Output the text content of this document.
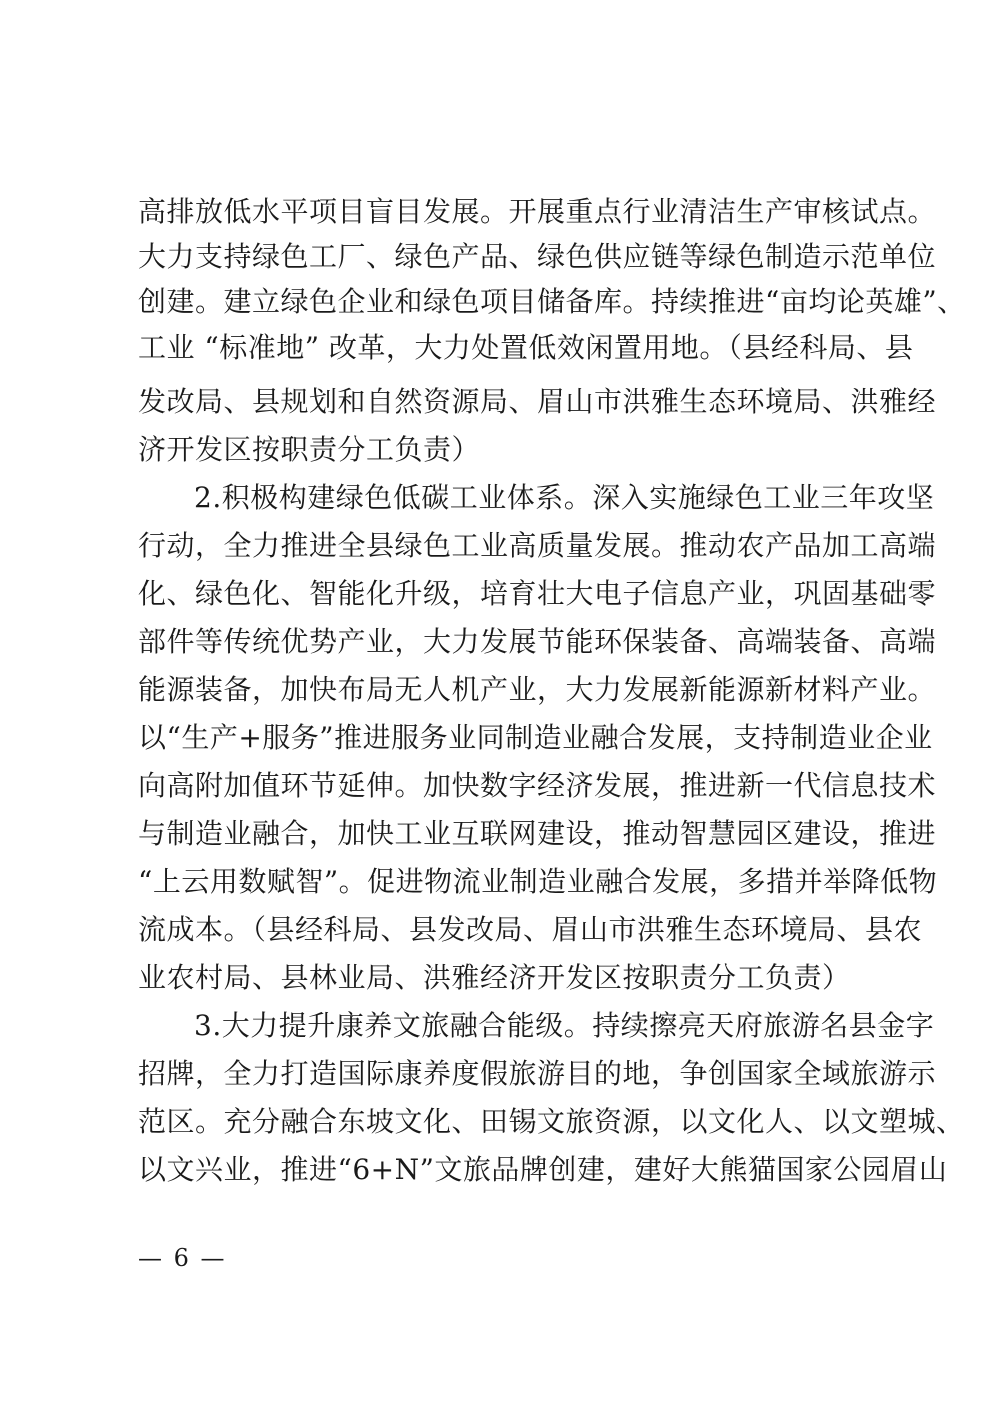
高排放低水平项目盲目发展。开展重点行业清洁生产审核试点。
大力支持绿色工厂、绿色产品、绿色供应链等绿色制造示范单位
创建。建立绿色企业和绿色项目储备库。持续推进“亩均论英雄”、
工业 “标准地” 改革，大力处置低效闲置用地。（县经科局、县
发改局、县规划和自然资源局、眉山市洪雅生态环境局、洪雅经
济开发区按职责分工负责）
2.积极构建绿色低碳工业体系。深入实施绿色工业三年攻坚
行动，全力推进全县绿色工业高质量发展。推动农产品加工高端
化、绿色化、智能化升级，培育壮大电子信息产业，巩固基础零
部件等传统优势产业，大力发展节能环保装备、高端装备、高端
能源装备，加快布局无人机产业，大力发展新能源新材料产业。
以“生产+服务”推进服务业同制造业融合发展，支持制造业企业
向高附加值环节延伸。加快数字经济发展，推进新一代信息技术
与制造业融合，加快工业互联网建设，推动智慧园区建设，推进
“上云用数赋智”。促进物流业制造业融合发展，多措并举降低物
流成本。（县经科局、县发改局、眉山市洪雅生态环境局、县农
业农村局、县林业局、洪雅经济开发区按职责分工负责）
3.大力提升康养文旅融合能级。持续擦亮天府旅游名县金字
招牌，全力打造国际康养度假旅游目的地，争创国家全域旅游示
范区。充分融合东坡文化、田锡文旅资源，以文化人、以文塑城、
以文兴业，推进“6+N”文旅品牌创建，建好大熊猫国家公园眉山
— 6 —
